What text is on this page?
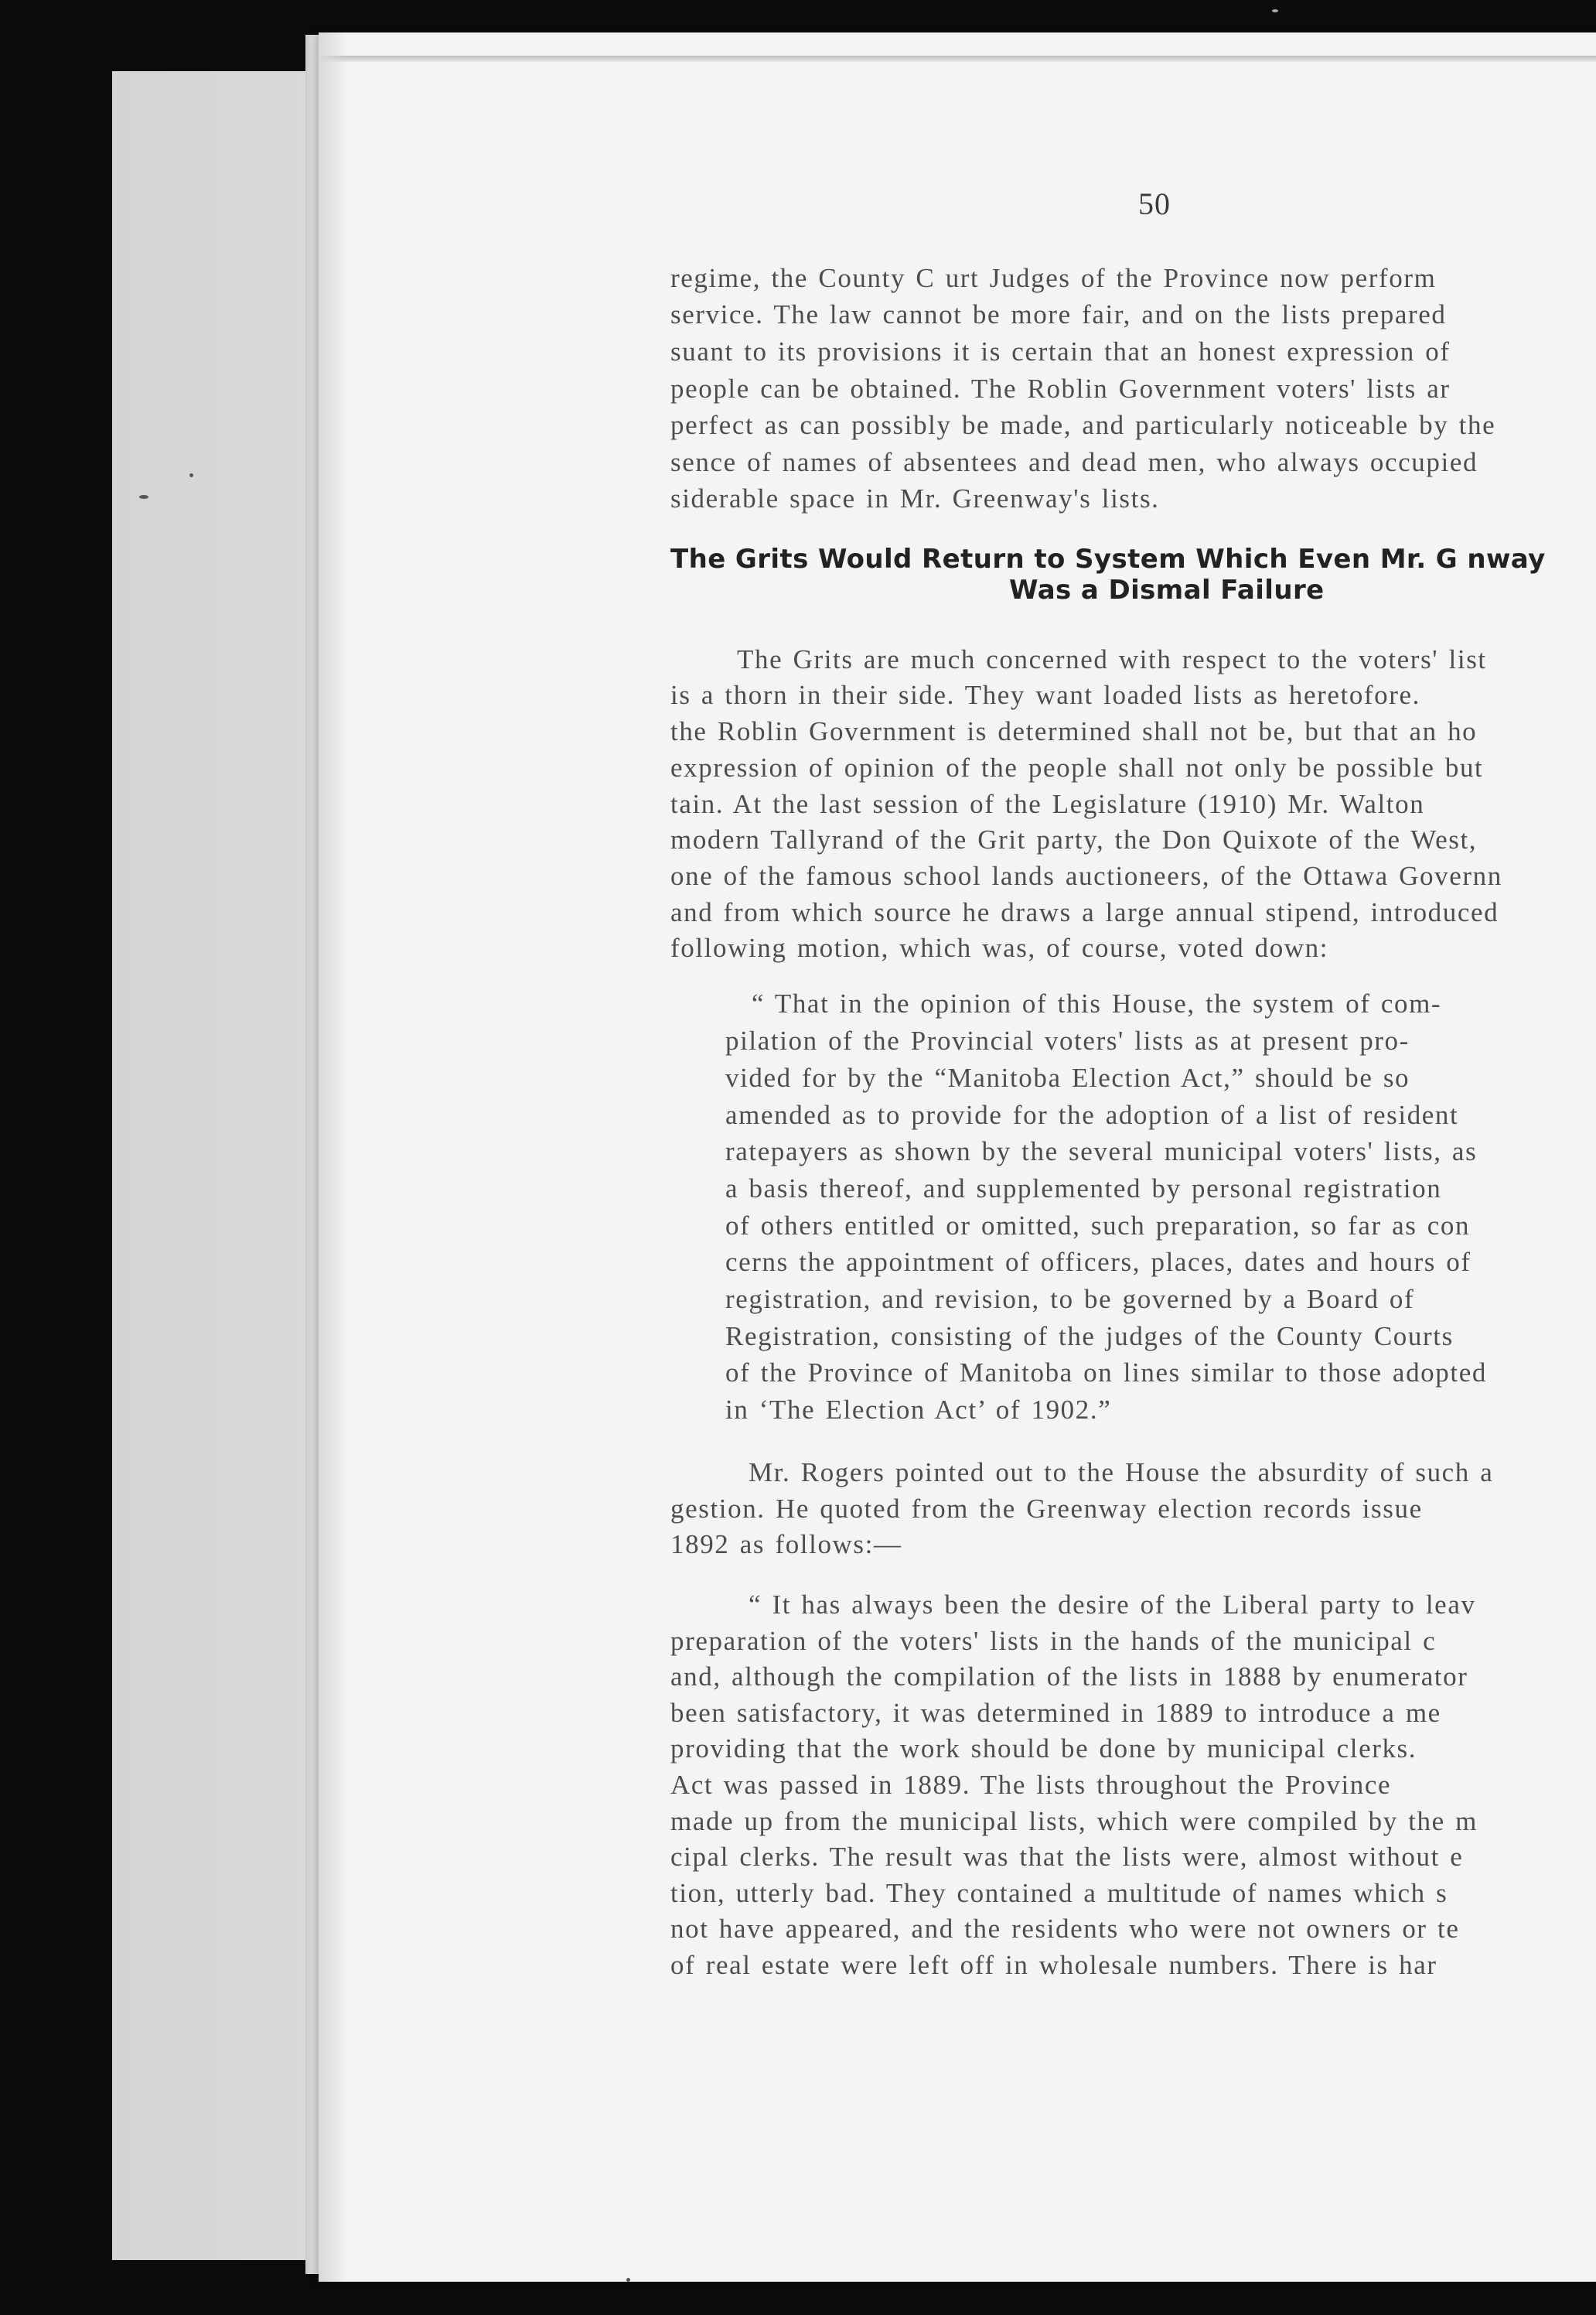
50
regime, the County C urt Judges of the Province now perform
service. The law cannot be more fair, and on the lists prepared
suant to its provisions it is certain that an honest expression of
people can be obtained. The Roblin Government voters' lists ar
perfect as can possibly be made, and particularly noticeable by the
sence of names of absentees and dead men, who always occupied
siderable space in Mr. Greenway's lists.
The Grits Would Return to System Which Even Mr. G nway
Was a Dismal Failure
The Grits are much concerned with respect to the voters' list
is a thorn in their side. They want loaded lists as heretofore.
the Roblin Government is determined shall not be, but that an ho
expression of opinion of the people shall not only be possible but
tain. At the last session of the Legislature (1910) Mr. Walton
modern Tallyrand of the Grit party, the Don Quixote of the West,
one of the famous school lands auctioneers, of the Ottawa Governn
and from which source he draws a large annual stipend, introduced
following motion, which was, of course, voted down:
“ That in the opinion of this House, the system of com-
pilation of the Provincial voters' lists as at present pro-
vided for by the “Manitoba Election Act,” should be so
amended as to provide for the adoption of a list of resident
ratepayers as shown by the several municipal voters' lists, as
a basis thereof, and supplemented by personal registration
of others entitled or omitted, such preparation, so far as con
cerns the appointment of officers, places, dates and hours of
registration, and revision, to be governed by a Board of
Registration, consisting of the judges of the County Courts
of the Province of Manitoba on lines similar to those adopted
in ‘The Election Act’ of 1902.”
Mr. Rogers pointed out to the House the absurdity of such a
gestion. He quoted from the Greenway election records issue
1892 as follows:—
“ It has always been the desire of the Liberal party to leav
preparation of the voters' lists in the hands of the municipal c
and, although the compilation of the lists in 1888 by enumerator
been satisfactory, it was determined in 1889 to introduce a me
providing that the work should be done by municipal clerks.
Act was passed in 1889. The lists throughout the Province
made up from the municipal lists, which were compiled by the m
cipal clerks. The result was that the lists were, almost without e
tion, utterly bad. They contained a multitude of names which s
not have appeared, and the residents who were not owners or te
of real estate were left off in wholesale numbers. There is har
